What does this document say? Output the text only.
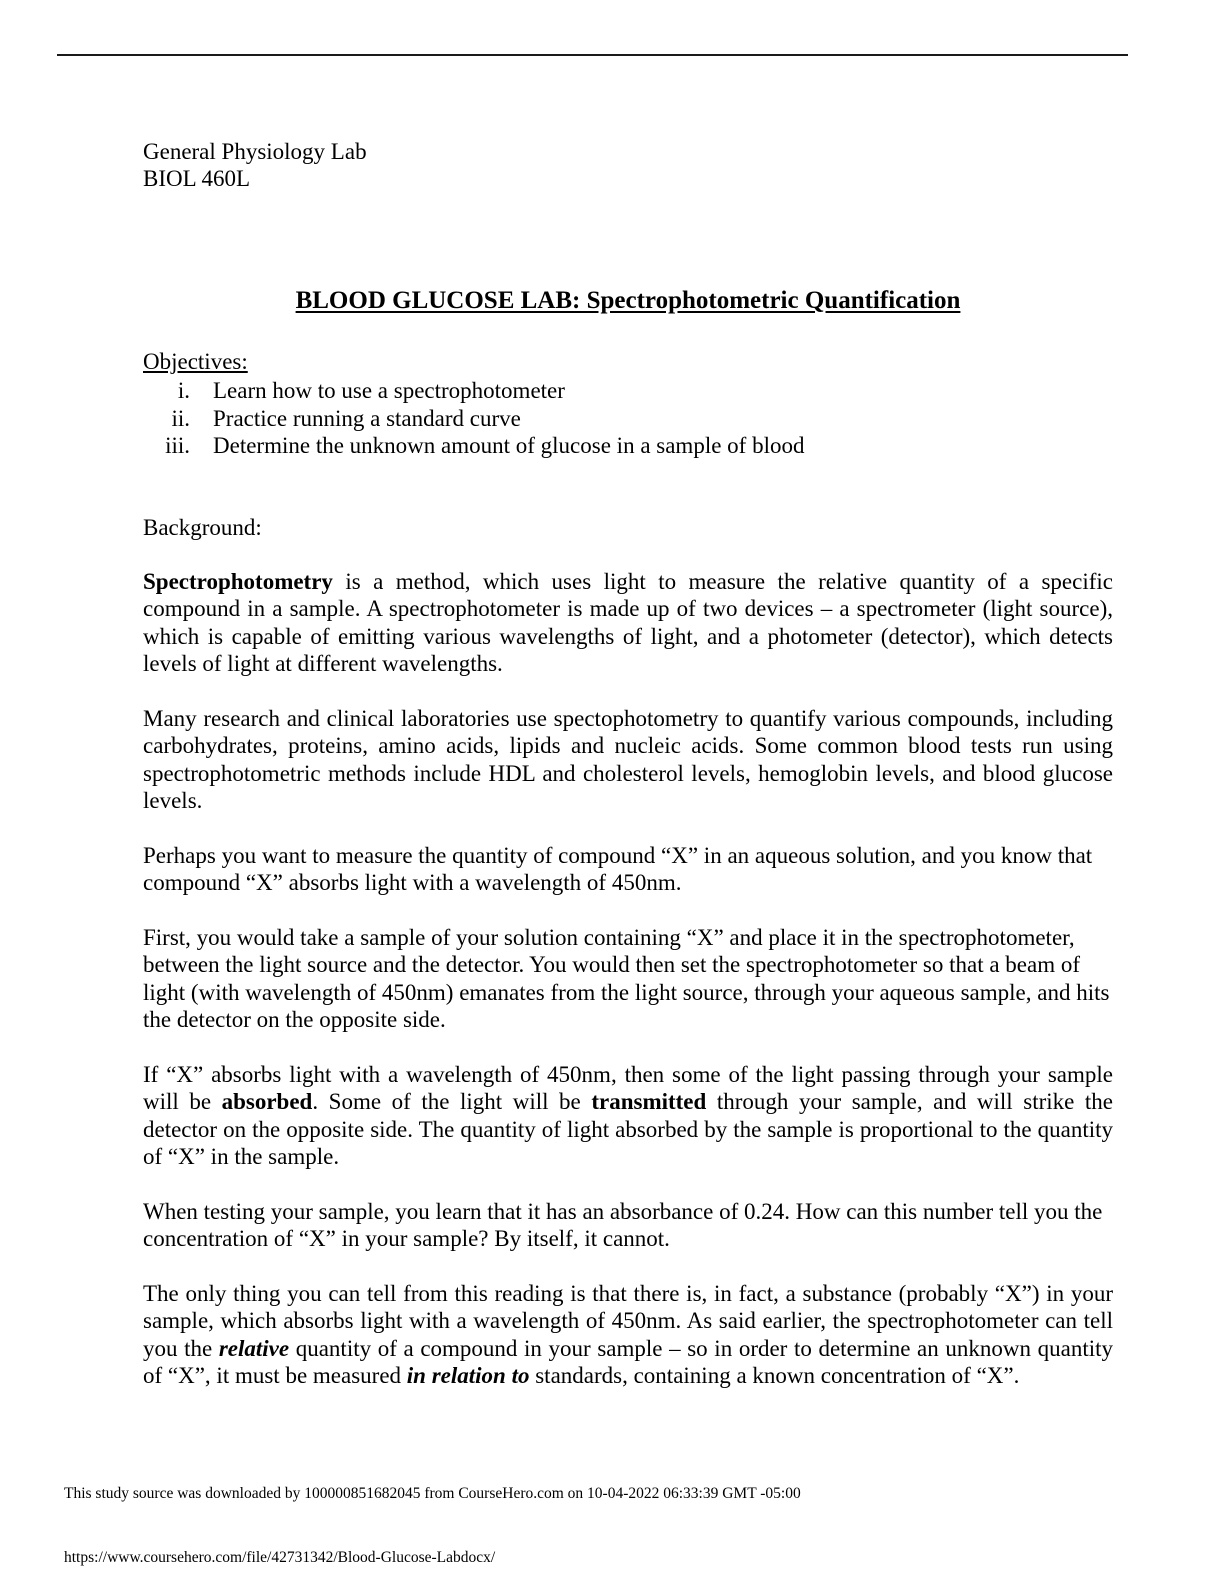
General Physiology Lab
BIOL 460L
BLOOD GLUCOSE LAB: Spectrophotometric Quantification
Objectives:
i. Learn how to use a spectrophotometer
ii. Practice running a standard curve
iii. Determine the unknown amount of glucose in a sample of blood
Background:

Spectrophotometry is a method, which uses light to measure the relative quantity of a specific compound in a sample. A spectrophotometer is made up of two devices – a spectrometer (light source), which is capable of emitting various wavelengths of light, and a photometer (detector), which detects levels of light at different wavelengths.

Many research and clinical laboratories use spectophotometry to quantify various compounds, including carbohydrates, proteins, amino acids, lipids and nucleic acids. Some common blood tests run using spectrophotometric methods include HDL and cholesterol levels, hemoglobin levels, and blood glucose levels.

Perhaps you want to measure the quantity of compound “X” in an aqueous solution, and you know that compound “X” absorbs light with a wavelength of 450nm.

First, you would take a sample of your solution containing “X” and place it in the spectrophotometer, between the light source and the detector. You would then set the spectrophotometer so that a beam of light (with wavelength of 450nm) emanates from the light source, through your aqueous sample, and hits the detector on the opposite side.

If “X” absorbs light with a wavelength of 450nm, then some of the light passing through your sample will be absorbed. Some of the light will be transmitted through your sample, and will strike the detector on the opposite side. The quantity of light absorbed by the sample is proportional to the quantity of “X” in the sample.

When testing your sample, you learn that it has an absorbance of 0.24. How can this number tell you the concentration of “X” in your sample? By itself, it cannot.

The only thing you can tell from this reading is that there is, in fact, a substance (probably “X”) in your sample, which absorbs light with a wavelength of 450nm. As said earlier, the spectrophotometer can tell you the relative quantity of a compound in your sample – so in order to determine an unknown quantity of “X”, it must be measured in relation to standards, containing a known concentration of “X”.

This study source was downloaded by 100000851682045 from CourseHero.com on 10-04-2022 06:33:39 GMT -05:00
https://www.coursehero.com/file/42731342/Blood-Glucose-Labdocx/
